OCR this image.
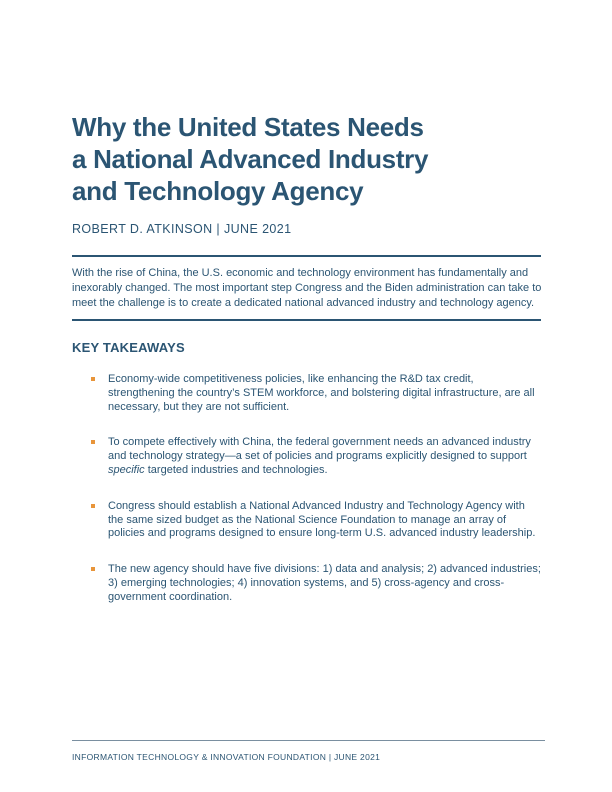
Why the United States Needs
a National Advanced Industry
and Technology Agency
ROBERT D. ATKINSON | JUNE 2021

With the rise of China, the U.S. economic and technology environment has fundamentally and inexorably changed. The most important step Congress and the Biden administration can take to meet the challenge is to create a dedicated national advanced industry and technology agency.

KEY TAKEAWAYS
Economy-wide competitiveness policies, like enhancing the R&D tax credit, strengthening the country’s STEM workforce, and bolstering digital infrastructure, are all necessary, but they are not sufficient.
To compete effectively with China, the federal government needs an advanced industry and technology strategy—a set of policies and programs explicitly designed to support specific targeted industries and technologies.
Congress should establish a National Advanced Industry and Technology Agency with the same sized budget as the National Science Foundation to manage an array of policies and programs designed to ensure long-term U.S. advanced industry leadership.
The new agency should have five divisions: 1) data and analysis; 2) advanced industries; 3) emerging technologies; 4) innovation systems, and 5) cross-agency and cross-government coordination.
INFORMATION TECHNOLOGY & INNOVATION FOUNDATION | JUNE 2021
